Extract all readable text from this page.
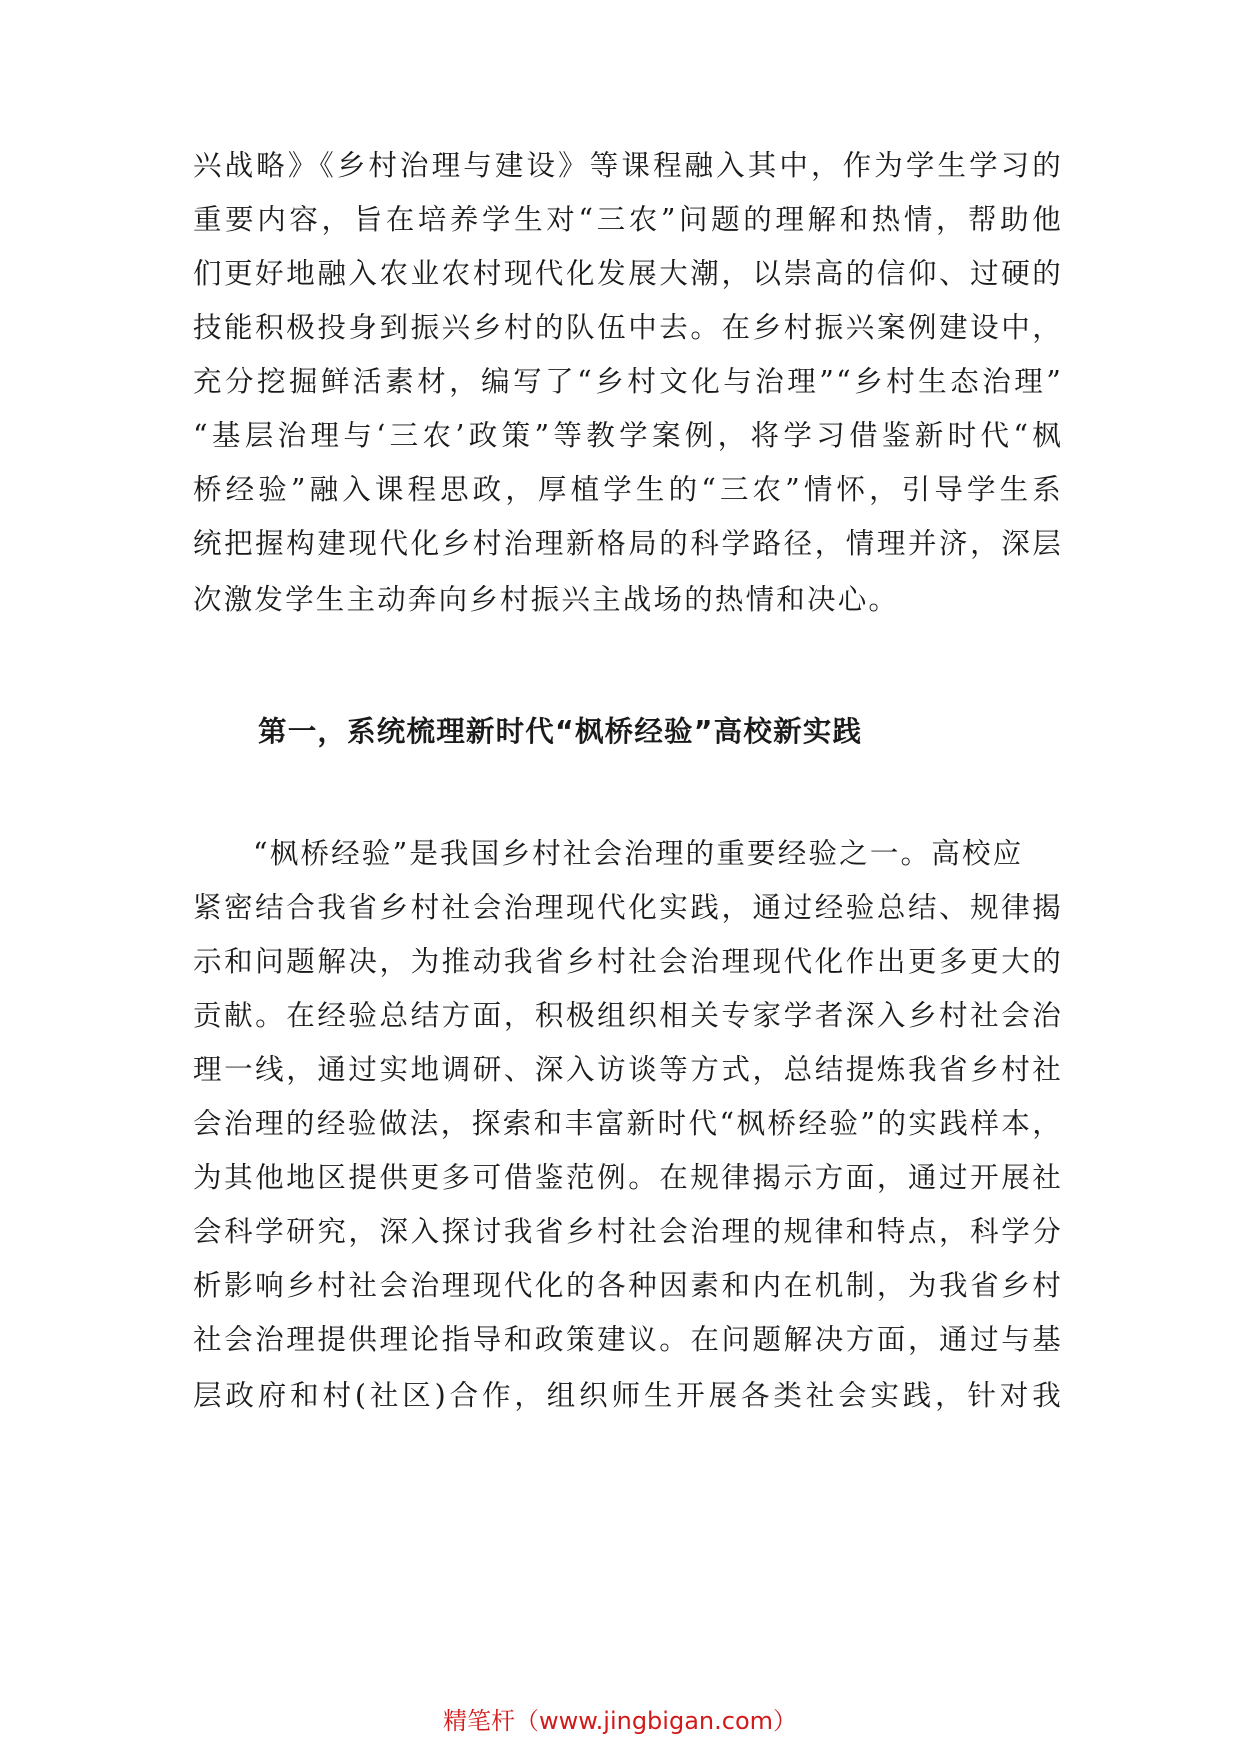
兴战略》《乡村治理与建设》等课程融入其中，作为学生学习的
重要内容，旨在培养学生对“三农”问题的理解和热情，帮助他
们更好地融入农业农村现代化发展大潮，以崇高的信仰、过硬的
技能积极投身到振兴乡村的队伍中去。在乡村振兴案例建设中，
充分挖掘鲜活素材，编写了“乡村文化与治理”“乡村生态治理”
“基层治理与‘三农’政策”等教学案例，将学习借鉴新时代“枫
桥经验”融入课程思政，厚植学生的“三农”情怀，引导学生系
统把握构建现代化乡村治理新格局的科学路径，情理并济，深层
次激发学生主动奔向乡村振兴主战场的热情和决心。
第一，系统梳理新时代“枫桥经验”高校新实践
“枫桥经验”是我国乡村社会治理的重要经验之一。高校应
紧密结合我省乡村社会治理现代化实践，通过经验总结、规律揭
示和问题解决，为推动我省乡村社会治理现代化作出更多更大的
贡献。在经验总结方面，积极组织相关专家学者深入乡村社会治
理一线，通过实地调研、深入访谈等方式，总结提炼我省乡村社
会治理的经验做法，探索和丰富新时代“枫桥经验”的实践样本，
为其他地区提供更多可借鉴范例。在规律揭示方面，通过开展社
会科学研究，深入探讨我省乡村社会治理的规律和特点，科学分
析影响乡村社会治理现代化的各种因素和内在机制，为我省乡村
社会治理提供理论指导和政策建议。在问题解决方面，通过与基
层政府和村(社区)合作，组织师生开展各类社会实践，针对我
精笔杆（www.jingbigan.com）
